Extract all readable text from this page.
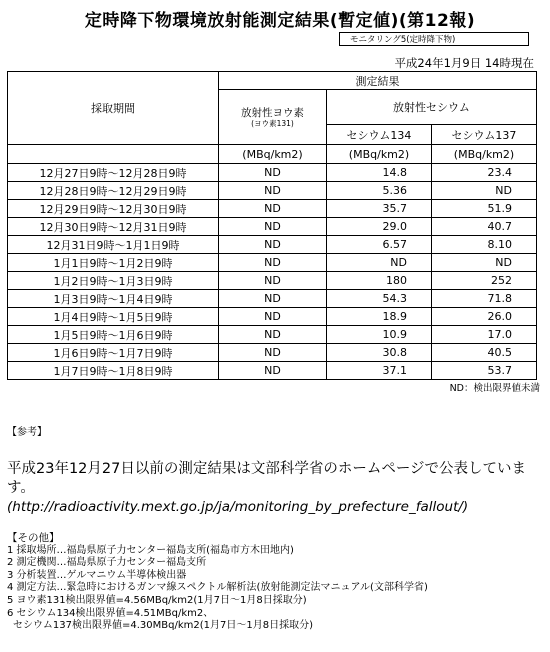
定時降下物環境放射能測定結果(暫定値)(第12報)
モニタリング5(定時降下物)
平成24年1月9日 14時現在
採取期間	測定結果		

	放射性ヨウ素
(ヨウ素131)	放射性セシウム	
		セシウム134	セシウム137
	(MBq/km2)	(MBq/km2)	(MBq/km2)
12月27日9時～12月28日9時	ND	14.8	23.4
12月28日9時～12月29日9時	ND	5.36	ND
12月29日9時～12月30日9時	ND	35.7	51.9
12月30日9時～12月31日9時	ND	29.0	40.7
12月31日9時～1月1日9時	ND	6.57	8.10
1月1日9時～1月2日9時	ND	ND	ND
1月2日9時～1月3日9時	ND	180	252
1月3日9時～1月4日9時	ND	54.3	71.8
1月4日9時～1月5日9時	ND	18.9	26.0
1月5日9時～1月6日9時	ND	10.9	17.0
1月6日9時～1月7日9時	ND	30.8	40.5
1月7日9時～1月8日9時	ND	37.1	53.7
ND：検出限界値未満
【参考】
平成23年12月27日以前の測定結果は文部科学省のホームページで公表しています。
(http://radioactivity.mext.go.jp/ja/monitoring_by_prefecture_fallout/)
【その他】
1 採取場所…福島県原子力センター福島支所(福島市方木田地内)
2 測定機関…福島県原子力センター福島支所
3 分析装置…ゲルマニウム半導体検出器
4 測定方法…緊急時におけるガンマ線スペクトル解析法(放射能測定法マニュアル(文部科学省)
5 ヨウ素131検出限界値=4.56MBq/km2(1月7日～1月8日採取分)
6 セシウム134検出限界値=4.51MBq/km2、
セシウム137検出限界値=4.30MBq/km2(1月7日～1月8日採取分)
